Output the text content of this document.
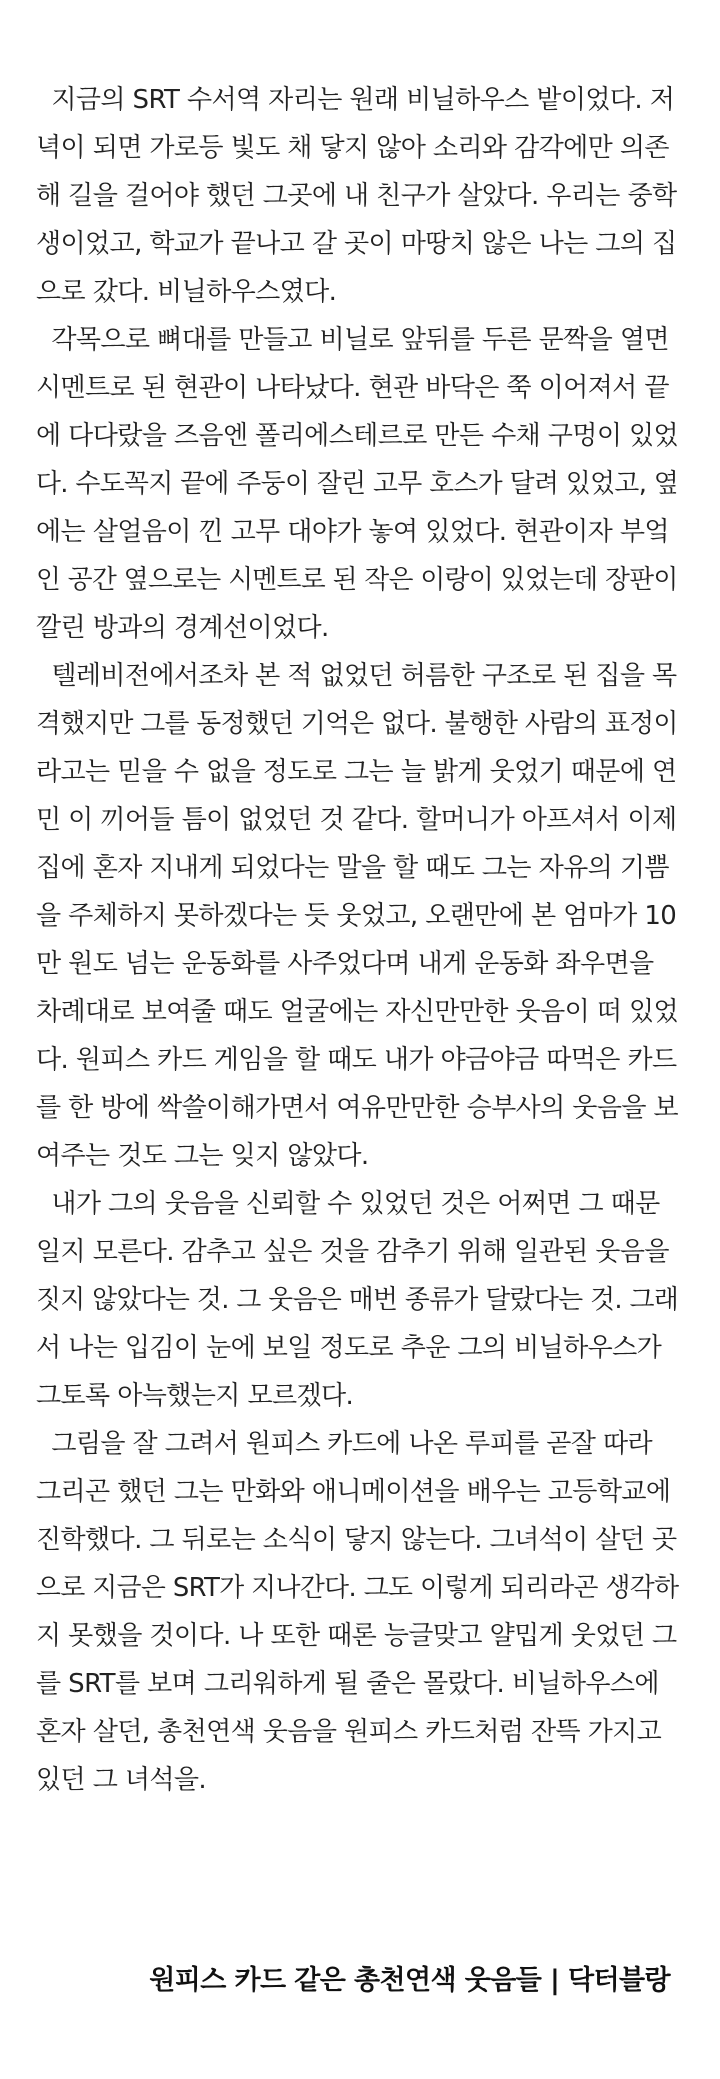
지금의 SRT 수서역 자리는 원래 비닐하우스 밭이었다. 저
녁이 되면 가로등 빛도 채 닿지 않아 소리와 감각에만 의존
해 길을 걸어야 했던 그곳에 내 친구가 살았다. 우리는 중학
생이었고, 학교가 끝나고 갈 곳이 마땅치 않은 나는 그의 집
으로 갔다. 비닐하우스였다.
각목으로 뼈대를 만들고 비닐로 앞뒤를 두른 문짝을 열면
시멘트로 된 현관이 나타났다. 현관 바닥은 쭉 이어져서 끝
에 다다랐을 즈음엔 폴리에스테르로 만든 수채 구멍이 있었
다. 수도꼭지 끝에 주둥이 잘린 고무 호스가 달려 있었고, 옆
에는 살얼음이 낀 고무 대야가 놓여 있었다. 현관이자 부엌
인 공간 옆으로는 시멘트로 된 작은 이랑이 있었는데 장판이
깔린 방과의 경계선이었다.
텔레비전에서조차 본 적 없었던 허름한 구조로 된 집을 목
격했지만 그를 동정했던 기억은 없다. 불행한 사람의 표정이
라고는 믿을 수 없을 정도로 그는 늘 밝게 웃었기 때문에 연
민 이 끼어들 틈이 없었던 것 같다. 할머니가 아프셔서 이제
집에 혼자 지내게 되었다는 말을 할 때도 그는 자유의 기쁨
을 주체하지 못하겠다는 듯 웃었고, 오랜만에 본 엄마가 10
만 원도 넘는 운동화를 사주었다며 내게 운동화 좌우면을
차례대로 보여줄 때도 얼굴에는 자신만만한 웃음이 떠 있었
다. 원피스 카드 게임을 할 때도 내가 야금야금 따먹은 카드
를 한 방에 싹쓸이해가면서 여유만만한 승부사의 웃음을 보
여주는 것도 그는 잊지 않았다.
내가 그의 웃음을 신뢰할 수 있었던 것은 어쩌면 그 때문
일지 모른다. 감추고 싶은 것을 감추기 위해 일관된 웃음을
짓지 않았다는 것. 그 웃음은 매번 종류가 달랐다는 것. 그래
서 나는 입김이 눈에 보일 정도로 추운 그의 비닐하우스가
그토록 아늑했는지 모르겠다.
그림을 잘 그려서 원피스 카드에 나온 루피를 곧잘 따라
그리곤 했던 그는 만화와 애니메이션을 배우는 고등학교에
진학했다. 그 뒤로는 소식이 닿지 않는다. 그녀석이 살던 곳
으로 지금은 SRT가 지나간다. 그도 이렇게 되리라곤 생각하
지 못했을 것이다. 나 또한 때론 능글맞고 얄밉게 웃었던 그
를 SRT를 보며 그리워하게 될 줄은 몰랐다. 비닐하우스에
혼자 살던, 총천연색 웃음을 원피스 카드처럼 잔뜩 가지고
있던 그 녀석을.
원피스 카드 같은 총천연색 웃음들 | 닥터블랑
